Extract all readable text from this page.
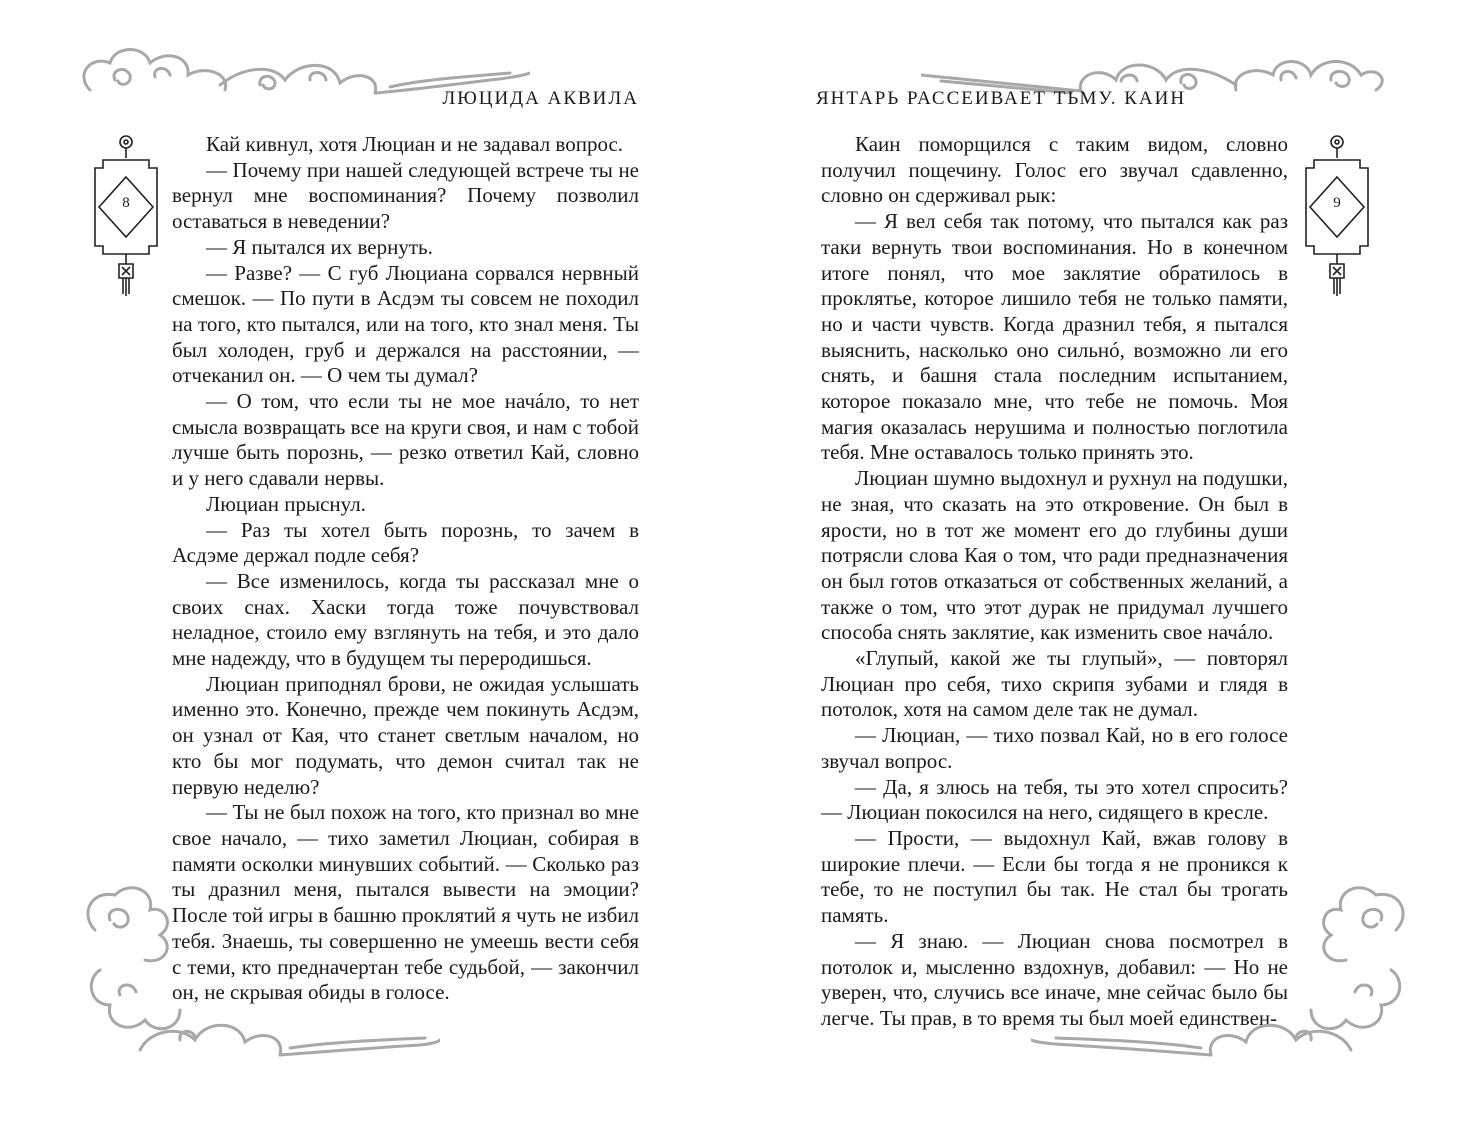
ЛЮЦИДА АКВИЛА
8

Кай кивнул, хотя Люциан и не задавал вопрос.

— Почему при нашей следующей встрече ты не вернул мне воспоминания? Почему позволил оставаться в неведении?

— Я пытался их вернуть.

— Разве? — С губ Люциана сорвался нервный смешок. — По пути в Асдэм ты совсем не походил на того, кто пытался, или на того, кто знал меня. Ты был холоден, груб и держался на расстоянии, — отчеканил он. — О чем ты думал?

— О том, что если ты не мое начáло, то нет смысла возвращать все на круги своя, и нам с тобой лучше быть порознь, — резко ответил Кай, словно и у него сдавали нервы.

Люциан прыснул.

— Раз ты хотел быть порознь, то зачем в Асдэме держал подле себя?

— Все изменилось, когда ты рассказал мне о своих снах. Хаски тогда тоже почувствовал неладное, стоило ему взглянуть на тебя, и это дало мне надежду, что в будущем ты переродишься.

Люциан приподнял брови, не ожидая услышать именно это. Конечно, прежде чем покинуть Асдэм, он узнал от Кая, что станет светлым началом, но кто бы мог подумать, что демон считал так не первую неделю?

— Ты не был похож на того, кто признал во мне свое начало, — тихо заметил Люциан, собирая в памяти осколки минувших событий. — Сколько раз ты дразнил меня, пытался вывести на эмоции? После той игры в башню проклятий я чуть не избил тебя. Знаешь, ты совершенно не умеешь вести себя с теми, кто предначертан тебе судьбой, — закончил он, не скрывая обиды в голосе.

ЯНТАРЬ РАССЕИВАЕТ ТЬМУ. КАИН
9

Каин поморщился с таким видом, словно получил пощечину. Голос его звучал сдавленно, словно он сдерживал рык:

— Я вел себя так потому, что пытался как раз таки вернуть твои воспоминания. Но в конечном итоге понял, что мое заклятие обратилось в проклятье, которое лишило тебя не только памяти, но и части чувств. Когда дразнил тебя, я пытался выяснить, насколько оно сильнó, возможно ли его снять, и башня стала последним испытанием, которое показало мне, что тебе не помочь. Моя магия оказалась нерушима и полностью поглотила тебя. Мне оставалось только принять это.

Люциан шумно выдохнул и рухнул на подушки, не зная, что сказать на это откровение. Он был в ярости, но в тот же момент его до глубины души потрясли слова Кая о том, что ради предназначения он был готов отказаться от собственных желаний, а также о том, что этот дурак не придумал лучшего способа снять заклятие, как изменить свое начáло.

«Глупый, какой же ты глупый», — повторял Люциан про себя, тихо скрипя зубами и глядя в потолок, хотя на самом деле так не думал.

— Люциан, — тихо позвал Кай, но в его голосе звучал вопрос.

— Да, я злюсь на тебя, ты это хотел спросить? — Люциан покосился на него, сидящего в кресле.

— Прости, — выдохнул Кай, вжав голову в широкие плечи. — Если бы тогда я не проникся к тебе, то не поступил бы так. Не стал бы трогать память.

— Я знаю. — Люциан снова посмотрел в потолок и, мысленно вздохнув, добавил: — Но не уверен, что, случись все иначе, мне сейчас было бы легче. Ты прав, в то время ты был моей единствен-
